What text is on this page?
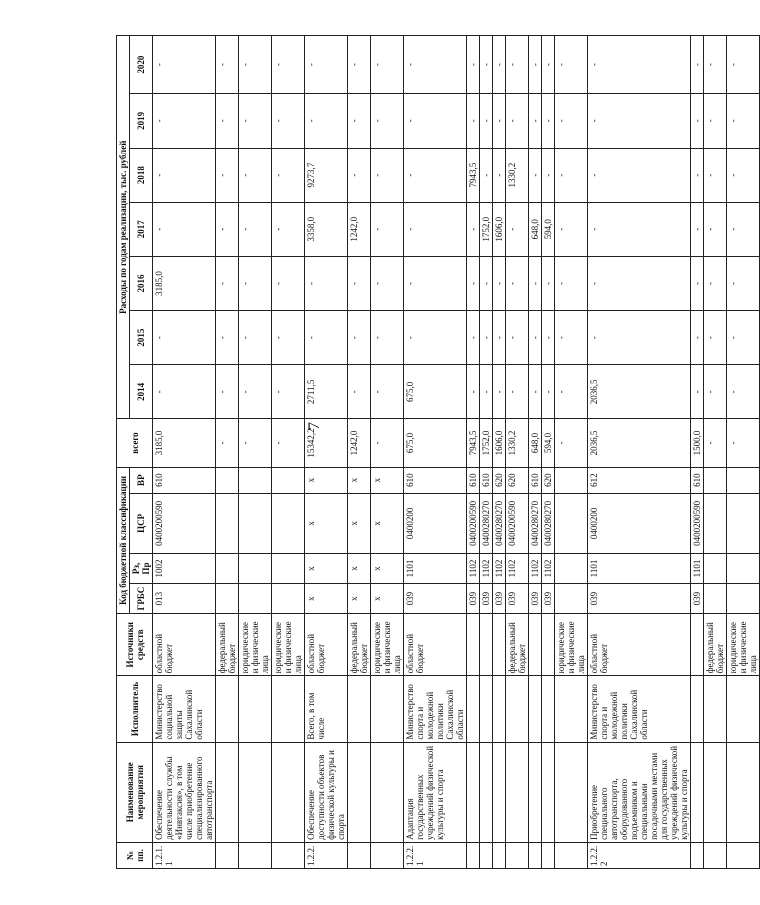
7
№ пп.	Наименование мероприятия	Исполнитель	Источники средств	Код бюджетной классификации				всего	Расходы по годам реализации, тыс. рублей						
				ГРБС	Рз, Пр	ЦСР	ВР		2014	2015	2016	2017	2018	2019	2020
1.2.1.1	Обеспечение деятельности службы «Инвтаксия», в том числе приобретение специализированного автотранспорта	Министерство социальной защиты Сахалинской области	областной бюджет	013	1002	0400200590	610	3185,0	-	-	3185,0	-	-	-	-
			федеральный бюджет					-	-	-	-	-	-	-	-
			юридические и физические лица					-	-	-	-	-	-	-	-
			юридические и физические лица					-	-	-	-	-	-	-	-
1.2.2.	Обеспечение доступности объектов физической культуры и спорта	Всего, в том числе	областной бюджет	x	x	x	x	15342,2	2711,5	-	-	3358,0	9273,7	-	-
			федеральный бюджет	x	x	x	x	1242,0	-	-	-	1242,0	-	-	-
			юридические и физические лица	x	x	x	x	-	-	-	-	-	-	-	-
1.2.2.1	Адаптация государственных учреждений физической культуры и спорта	Министерство спорта и молодежной политики Сахалинской области	областной бюджет	039	1101	0400200	610	675,0	675,0	-	-	-	-	-	-
				039	1102	0400200590	610	7943,5	-	-	-	-	7943,5	-	-
				039	1102	0400280270	610	1752,0	-	-	-	1752,0	-	-	-
				039	1102	0400280270	620	1606,0	-	-	-	1606,0	-	-	-
			федеральный бюджет	039	1102	0400200590	620	1330,2	-	-	-	-	1330,2	-	-
				039	1102	0400280270	610	648,0	-	-	-	648,0	-	-	-
				039	1102	0400280270	620	594,0	-	-	-	594,0	-	-	-
			юридические и физические лица					-	-	-	-	-	-	-	-
1.2.2.2	Приобретение специального автотранспорта, оборудованного подъемником и специальными посадочными местами для государственных учреждений физической культуры и спорта	Министерство спорта и молодежной политики Сахалинской области	областной бюджет	039	1101	0400200	612	2036,5	2036,5	-	-	-	-	-	-
				039	1101	0400200590	610	1500,0	-	-	-	-	-	-	-
			федеральный бюджет					-	-	-	-	-	-	-	-
			юридические и физические лица					-	-	-	-	-	-	-	-
